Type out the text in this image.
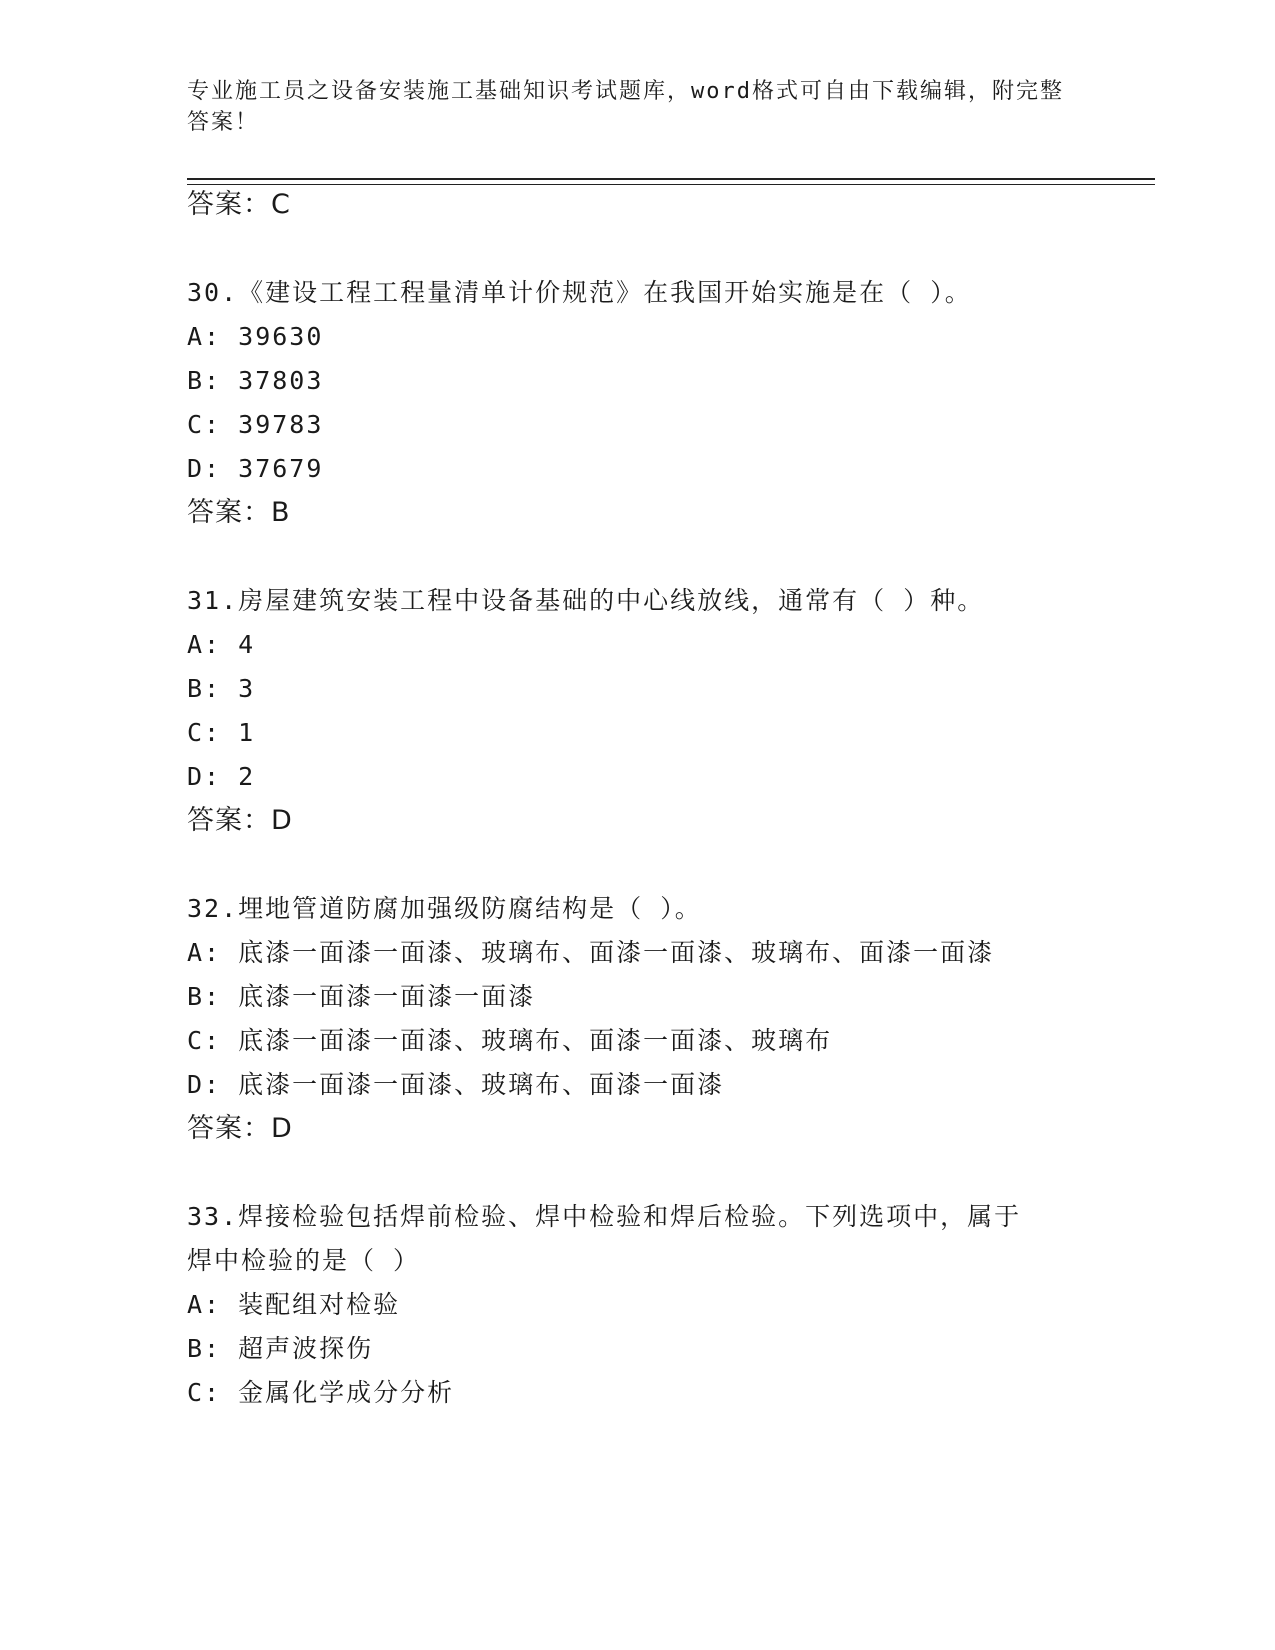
专业施工员之设备安装施工基础知识考试题库，word格式可自由下载编辑，附完整答案！
答案：C
30.《建设工程工程量清单计价规范》在我国开始实施是在（ ）。
A: 39630
B: 37803
C: 39783
D: 37679
答案：B
31.房屋建筑安装工程中设备基础的中心线放线，通常有（ ）种。
A: 4
B: 3
C: 1
D: 2
答案：D
32.埋地管道防腐加强级防腐结构是（ ）。
A: 底漆一面漆一面漆、玻璃布、面漆一面漆、玻璃布、面漆一面漆
B: 底漆一面漆一面漆一面漆
C: 底漆一面漆一面漆、玻璃布、面漆一面漆、玻璃布
D: 底漆一面漆一面漆、玻璃布、面漆一面漆
答案：D
33.焊接检验包括焊前检验、焊中检验和焊后检验。下列选项中，属于
焊中检验的是（ ）
A: 装配组对检验
B: 超声波探伤
C: 金属化学成分分析
